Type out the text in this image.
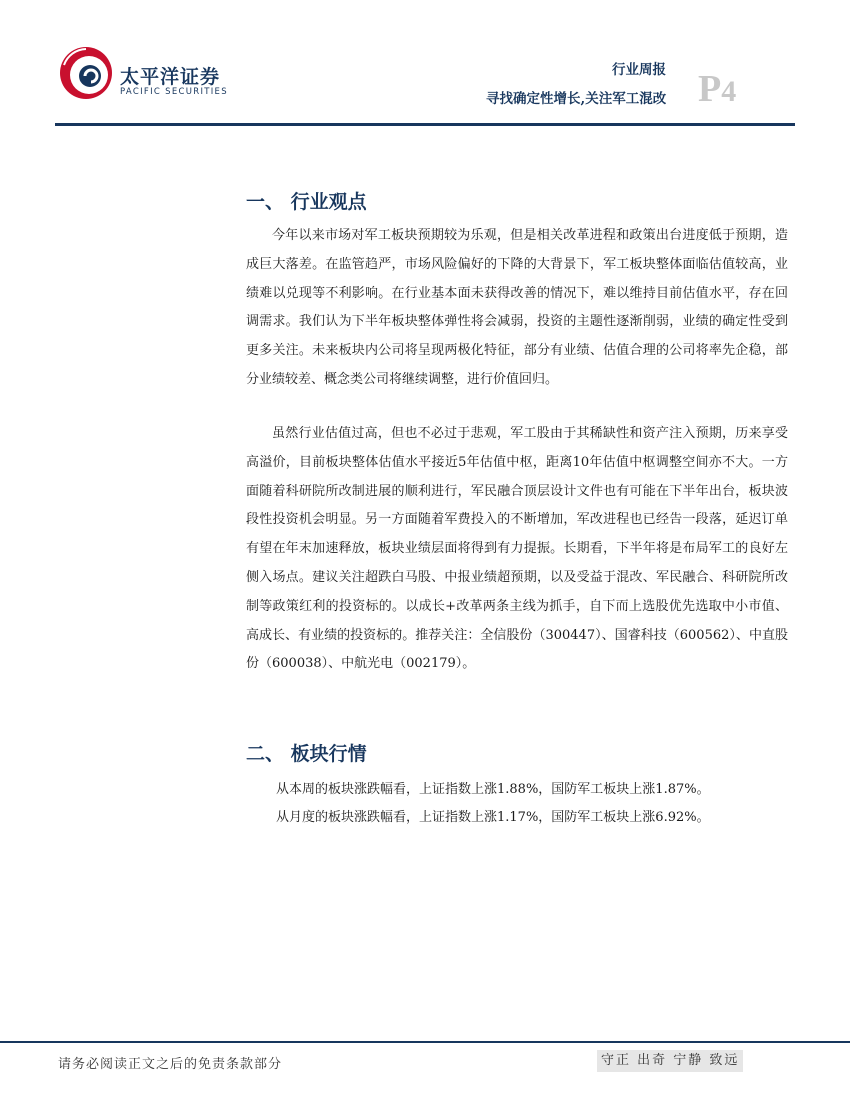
太平洋证券
PACIFIC SECURITIES
行业周报
寻找确定性增长,关注军工混改 P4
一、 行业观点

今年以来市场对军工板块预期较为乐观，但是相关改革进程和政策出台进度低于预期，造成巨大落差。在监管趋严，市场风险偏好的下降的大背景下，军工板块整体面临估值较高，业绩难以兑现等不利影响。在行业基本面未获得改善的情况下，难以维持目前估值水平，存在回调需求。我们认为下半年板块整体弹性将会减弱，投资的主题性逐渐削弱，业绩的确定性受到更多关注。未来板块内公司将呈现两极化特征，部分有业绩、估值合理的公司将率先企稳，部分业绩较差、概念类公司将继续调整，进行价值回归。

虽然行业估值过高，但也不必过于悲观，军工股由于其稀缺性和资产注入预期，历来享受高溢价，目前板块整体估值水平接近5年估值中枢，距离10年估值中枢调整空间亦不大。一方面随着科研院所改制进展的顺利进行，军民融合顶层设计文件也有可能在下半年出台，板块波段性投资机会明显。另一方面随着军费投入的不断增加，军改进程也已经告一段落，延迟订单有望在年末加速释放，板块业绩层面将得到有力提振。长期看，下半年将是布局军工的良好左侧入场点。建议关注超跌白马股、中报业绩超预期，以及受益于混改、军民融合、科研院所改制等政策红利的投资标的。以成长+改革两条主线为抓手，自下而上选股优先选取中小市值、高成长、有业绩的投资标的。推荐关注：全信股份（300447）、国睿科技（600562）、中直股份（600038）、中航光电（002179）。

二、 板块行情
从本周的板块涨跌幅看，上证指数上涨1.88%，国防军工板块上涨1.87%。
从月度的板块涨跌幅看，上证指数上涨1.17%，国防军工板块上涨6.92%。
请务必阅读正文之后的免责条款部分	守正 出奇 宁静 致远
